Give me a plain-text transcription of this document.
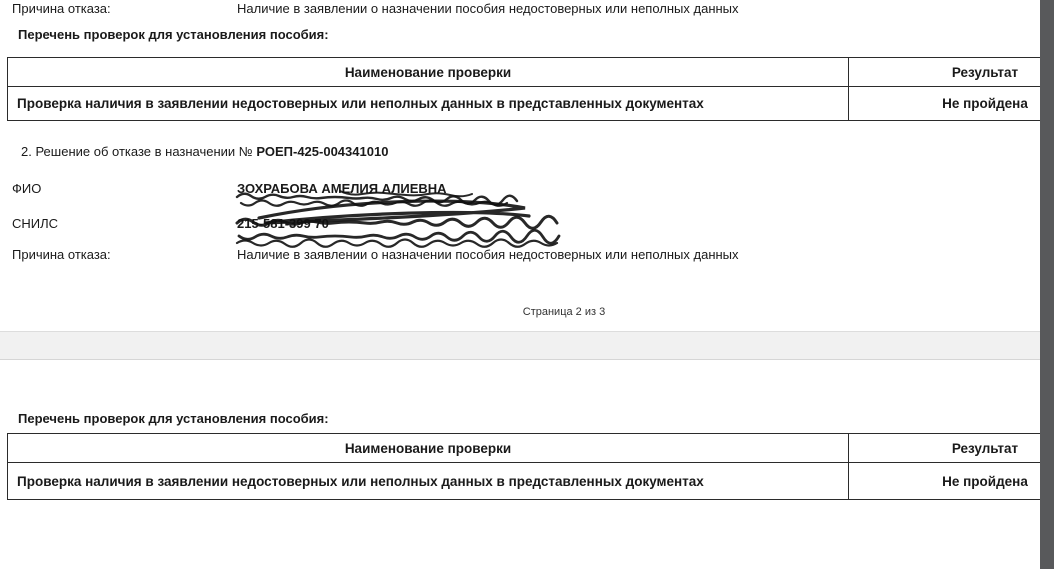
Причина отказа:	Наличие в заявлении о назначении пособия недостоверных или неполных данных
Перечень проверок для установления пособия:
Наименование проверки	Результат
Проверка наличия в заявлении недостоверных или неполных данных в представленных документах	Не пройдена
2. Решение об отказе в назначении № РОЕП-425-004341010
ФИО	ЗОХРАБОВА АМЕЛИЯ АЛИЕВНА
СНИЛС	215-581-399 70
Причина отказа:	Наличие в заявлении о назначении пособия недостоверных или неполных данных
Страница 2 из 3
Перечень проверок для установления пособия:
Наименование проверки	Результат
Проверка наличия в заявлении недостоверных или неполных данных в представленных документах	Не пройдена
